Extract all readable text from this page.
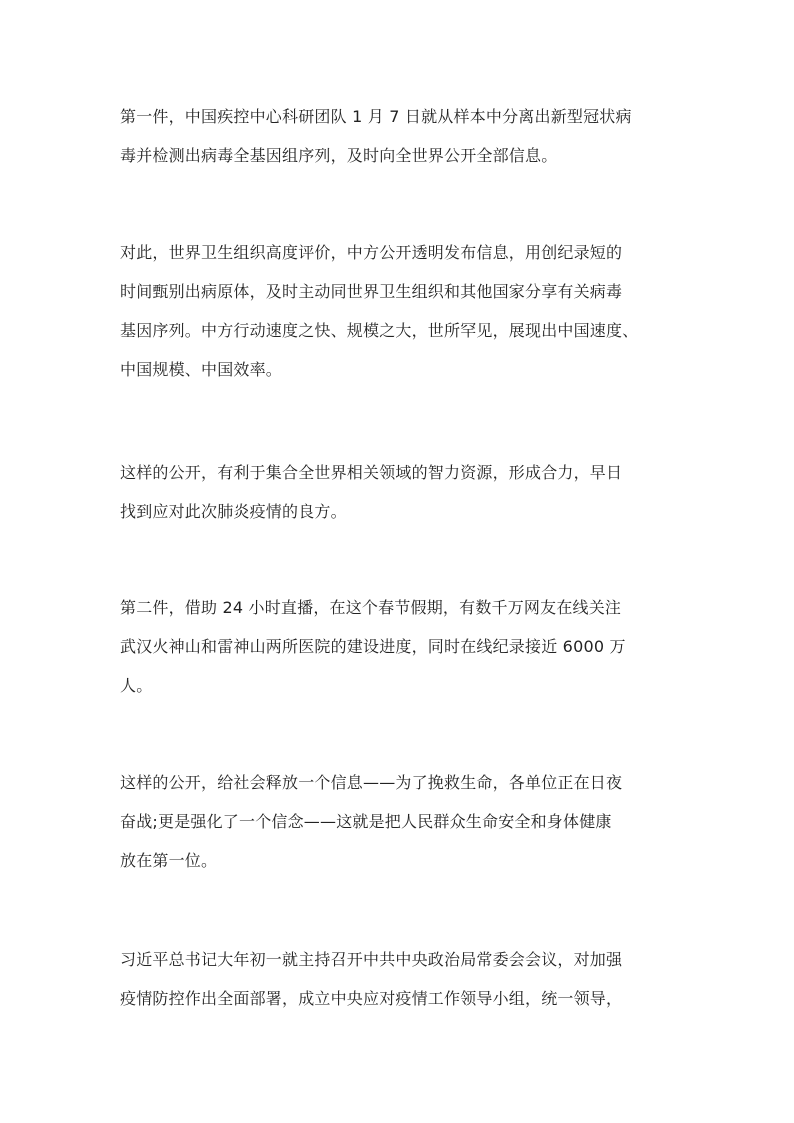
第一件，中国疾控中心科研团队 1 月 7 日就从样本中分离出新型冠状病
毒并检测出病毒全基因组序列，及时向全世界公开全部信息。

对此，世界卫生组织高度评价，中方公开透明发布信息，用创纪录短的
时间甄别出病原体，及时主动同世界卫生组织和其他国家分享有关病毒
基因序列。中方行动速度之快、规模之大，世所罕见，展现出中国速度、
中国规模、中国效率。

这样的公开，有利于集合全世界相关领域的智力资源，形成合力，早日
找到应对此次肺炎疫情的良方。

第二件，借助 24 小时直播，在这个春节假期，有数千万网友在线关注
武汉火神山和雷神山两所医院的建设进度，同时在线纪录接近 6000 万
人。

这样的公开，给社会释放一个信息——为了挽救生命，各单位正在日夜
奋战;更是强化了一个信念——这就是把人民群众生命安全和身体健康
放在第一位。

习近平总书记大年初一就主持召开中共中央政治局常委会会议，对加强
疫情防控作出全面部署，成立中央应对疫情工作领导小组，统一领导，
